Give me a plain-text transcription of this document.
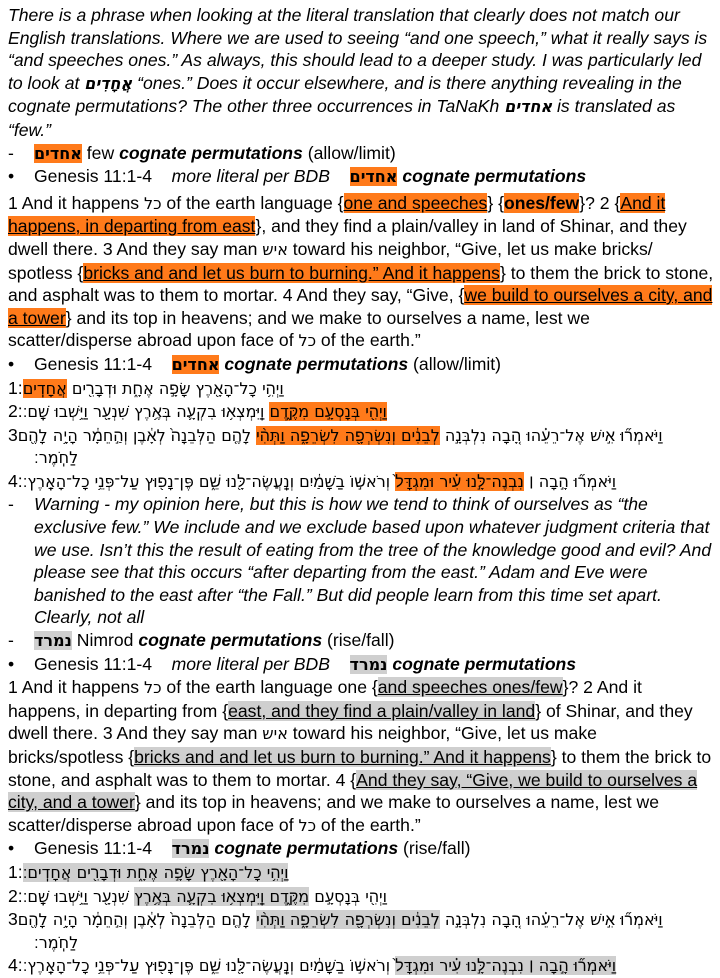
There is a phrase when looking at the literal translation that clearly does not match our English translations. Where we are used to seeing “and one speech,” what it really says is “and speeches ones.” As always, this should lead to a deeper study. I was particularly led to look at אֲחָדִים “ones.” Does it occur elsewhere, and is there anything revealing in the cognate permutations? The other three occurrences in TaNaKh אחדים is translated as “few.”

- אחדים few cognate permutations (allow/limit)

• Genesis 11:1-4 more literal per BDB אחדים cognate permutations

1 And it happens כל of the earth language {one and speeches} {ones/few}? 2 {And it happens, in departing from east}, and they find a plain/valley in land of Shinar, and they dwell there. 3 And they say man איש toward his neighbor, “Give, let us make bricks/ spotless {bricks and and let us burn to burning.” And it happens} to them the brick to stone, and asphalt was to them to mortar. 4 And they say, “Give, {we build to ourselves a city, and a tower} and its top in heavens; and we make to ourselves a name, lest we scatter/disperse abroad upon face of כל of the earth.”

• Genesis 11:1-4 אחדים cognate permutations (allow/limit)

1:	וַיְהִ֥י כָל־הָאָ֖רֶץ שָׂפָ֣ה אֶחָ֑ת וּדְבָרִ֖ים אֲחָדִֽים
2:	וַיְהִ֖י בְּנָסְעָ֣ם מִקֶּ֑דֶם וַֽיִּמְצְא֥וּ בִקְעָ֛ה בְּאֶ֥רֶץ שִׁנְעָ֖ר וַיֵּ֥שְׁבוּ שָֽׁם׃
3	וַיֹּאמְר֞וּ אִ֣ישׁ אֶל־רֵעֵ֗הוּ הָ֚בָה נִלְבְּנָ֣ה לְבֵנִ֔ים וְנִשְׂרְפָ֖ה לִשְׂרֵפָ֑ה וַתְּהִ֨י לָהֶ֤ם הַלְּבֵנָה֙ לְאָ֔בֶן וְהַ֣חֵמָ֔ר הָיָ֥ה לָהֶ֖ם
לַחֹֽמֶר׃
4:	וַיֹּאמְר֞וּ הָ֣בָה ׀ נִבְנֶה־לָּ֣נוּ עִ֗יר וּמִגְדָּל֙ וְרֹאשׁ֣וֹ בַשָּׁמַ֔יִם וְנַֽעֲשֶׂה־לָּ֖נוּ שֵׁ֑ם פֶּן־נָפ֖וּץ עַל־פְּנֵ֥י כָל־הָאָֽרֶץ׃

-	Warning - my opinion here, but this is how we tend to think of ourselves as “the exclusive few.” We include and we exclude based upon whatever judgment criteria that we use. Isn’t this the result of eating from the tree of the knowledge good and evil? And please see that this occurs “after departing from the east.” Adam and Eve were banished to the east after “the Fall.” But did people learn from this time set apart. Clearly, not all

- נמרד Nimrod cognate permutations (rise/fall)

• Genesis 11:1-4 more literal per BDB נמרד cognate permutations

1 And it happens כל of the earth language one {and speeches ones/few}? 2 And it happens, in departing from {east, and they find a plain/valley in land} of Shinar, and they dwell there. 3 And they say man איש toward his neighbor, “Give, let us make bricks/spotless {bricks and and let us burn to burning.” And it happens} to them the brick to stone, and asphalt was to them to mortar. 4 {And they say, “Give, we build to ourselves a city, and a tower} and its top in heavens; and we make to ourselves a name, lest we scatter/disperse abroad upon face of כל of the earth.”

• Genesis 11:1-4 נמרד cognate permutations (rise/fall)

1: וַיְהִ֥י כָל־הָאָ֖רֶץ שָׂפָ֣ה אֶחָ֑ת וּדְבָרִ֖ים אֲחָדִֽים׃
2:	וַיְהִ֖י בְּנָסְעָ֣ם מִקֶּ֑דֶם וַֽיִּמְצְא֥וּ בִקְעָ֛ה בְּאֶ֥רֶץ שִׁנְעָ֖ר וַיֵּ֥שְׁבוּ שָֽׁם׃
3	וַיֹּאמְר֞וּ אִ֣ישׁ אֶל־רֵעֵ֗הוּ הָ֚בָה נִלְבְּנָ֣ה לְבֵנִ֔ים וְנִשְׂרְפָ֖ה לִשְׂרֵפָ֑ה וַתְּהִ֨י לָהֶ֤ם הַלְּבֵנָה֙ לְאָ֔בֶן וְהַ֣חֵמָ֔ר הָיָ֥ה לָהֶ֖ם
לַחֹֽמֶר׃
4:	וַיֹּאמְר֞וּ הָ֣בָה ׀ נִבְנֶה־לָּ֣נוּ עִ֗יר וּמִגְדָּל֙ וְרֹאשׁ֣וֹ בַשָּׁמַ֔יִם וְנַֽעֲשֶׂה־לָּ֖נוּ שֵׁ֑ם פֶּן־נָפ֖וּץ עַל־פְּנֵ֥י כָל־הָאָֽרֶץ׃
